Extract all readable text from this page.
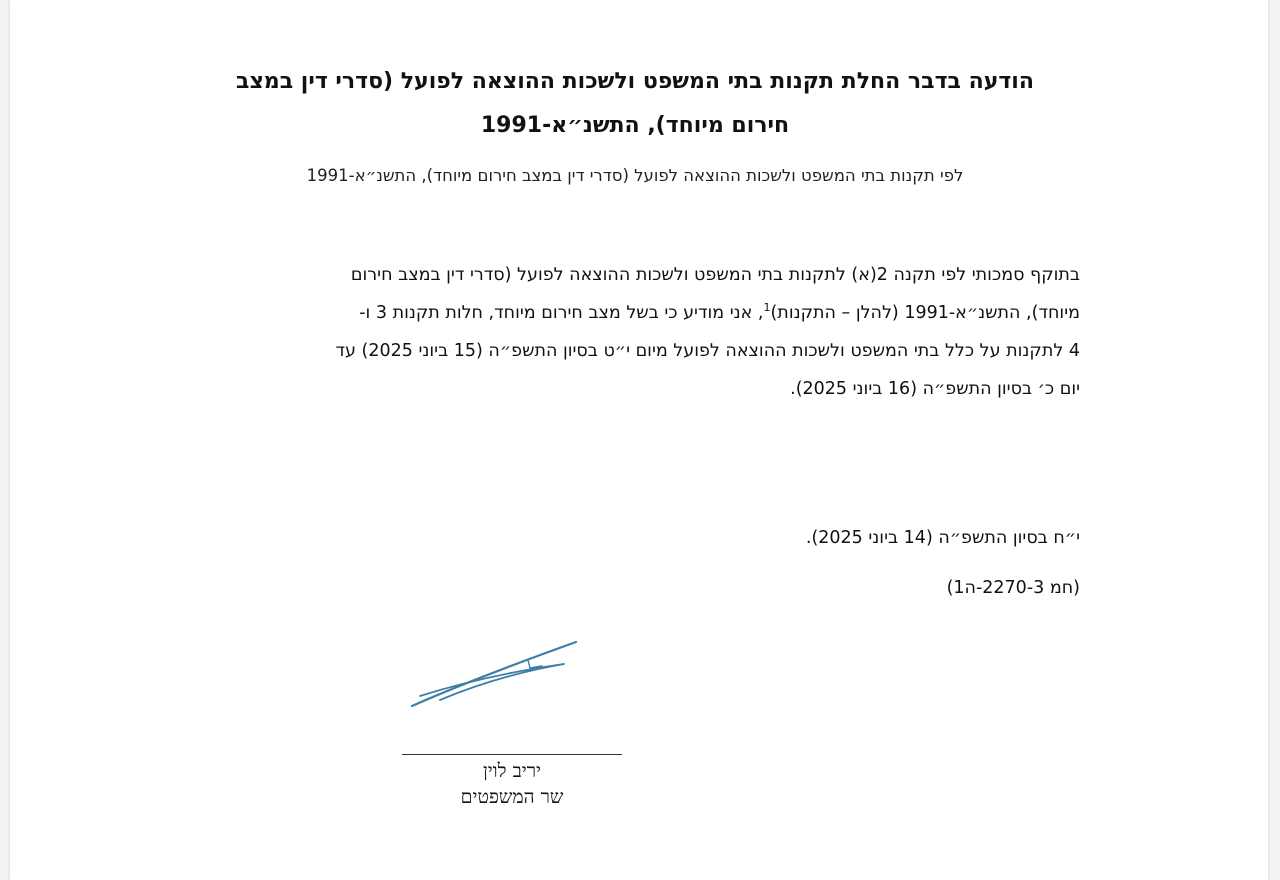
הודעה בדבר החלת תקנות בתי המשפט ולשכות ההוצאה לפועל (סדרי דין במצב
חירום מיוחד), התשנ״א-1991
לפי תקנות בתי המשפט ולשכות ההוצאה לפועל (סדרי דין במצב חירום מיוחד), התשנ״א-1991
בתוקף סמכותי לפי תקנה 2(א) לתקנות בתי המשפט ולשכות ההוצאה לפועל (סדרי דין במצב חירום
מיוחד), התשנ״א-1991 (להלן – התקנות)$^1$, אני מודיע כי בשל מצב חירום מיוחד, חלות תקנות 3 ו-
4 לתקנות על כלל בתי המשפט ולשכות ההוצאה לפועל מיום י״ט בסיון התשפ״ה (15 ביוני 2025) עד
יום כ׳ בסיון התשפ״ה (16 ביוני 2025).
י״ח בסיון התשפ״ה (14 ביוני 2025).
(חמ 2270-3-ה1)
יריב לוין
שר המשפטים
